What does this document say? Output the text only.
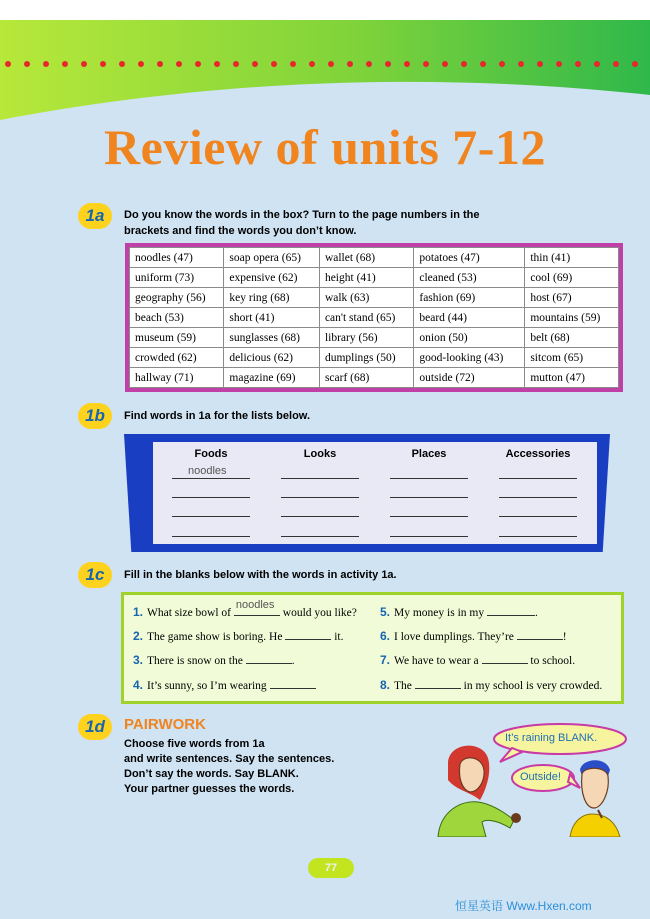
Review of units 7-12
1a	Do you know the words in the box? Turn to the page numbers in the
brackets and find the words you don’t know.
noodles (47)	soap opera (65)	wallet (68)	potatoes (47)	thin (41)
uniform (73)	expensive (62)	height (41)	cleaned (53)	cool (69)
geography (56)	key ring (68)	walk (63)	fashion (69)	host (67)
beach (53)	short (41)	can't stand (65)	beard (44)	mountains (59)
museum (59)	sunglasses (68)	library (56)	onion (50)	belt (68)
crowded (62)	delicious (62)	dumplings (50)	good-looking (43)	sitcom (65)
hallway (71)	magazine (69)	scarf (68)	outside (72)	mutton (47)
1b	Find words in 1a for the lists below.
Foods	Looks	Places	Accessories
noodles
1c	Fill in the blanks below with the words in activity 1a.
1. What size bowl of
noodles
would you like?
2. The game show is boring. He	it.
3. There is snow on the	.
4. It’s sunny, so I’m wearing
5. My money is in my	.
6. I love dumplings. They’re	!
7. We have to wear a	to school.
8. The	in my school is very crowded.
1d	PAIRWORK
Choose five words from 1a
and write sentences. Say the sentences.
Don’t say the words. Say BLANK.
Your partner guesses the words.
It’s raining BLANK.
Outside!
77
恒星英语 Www.Hxen.com
